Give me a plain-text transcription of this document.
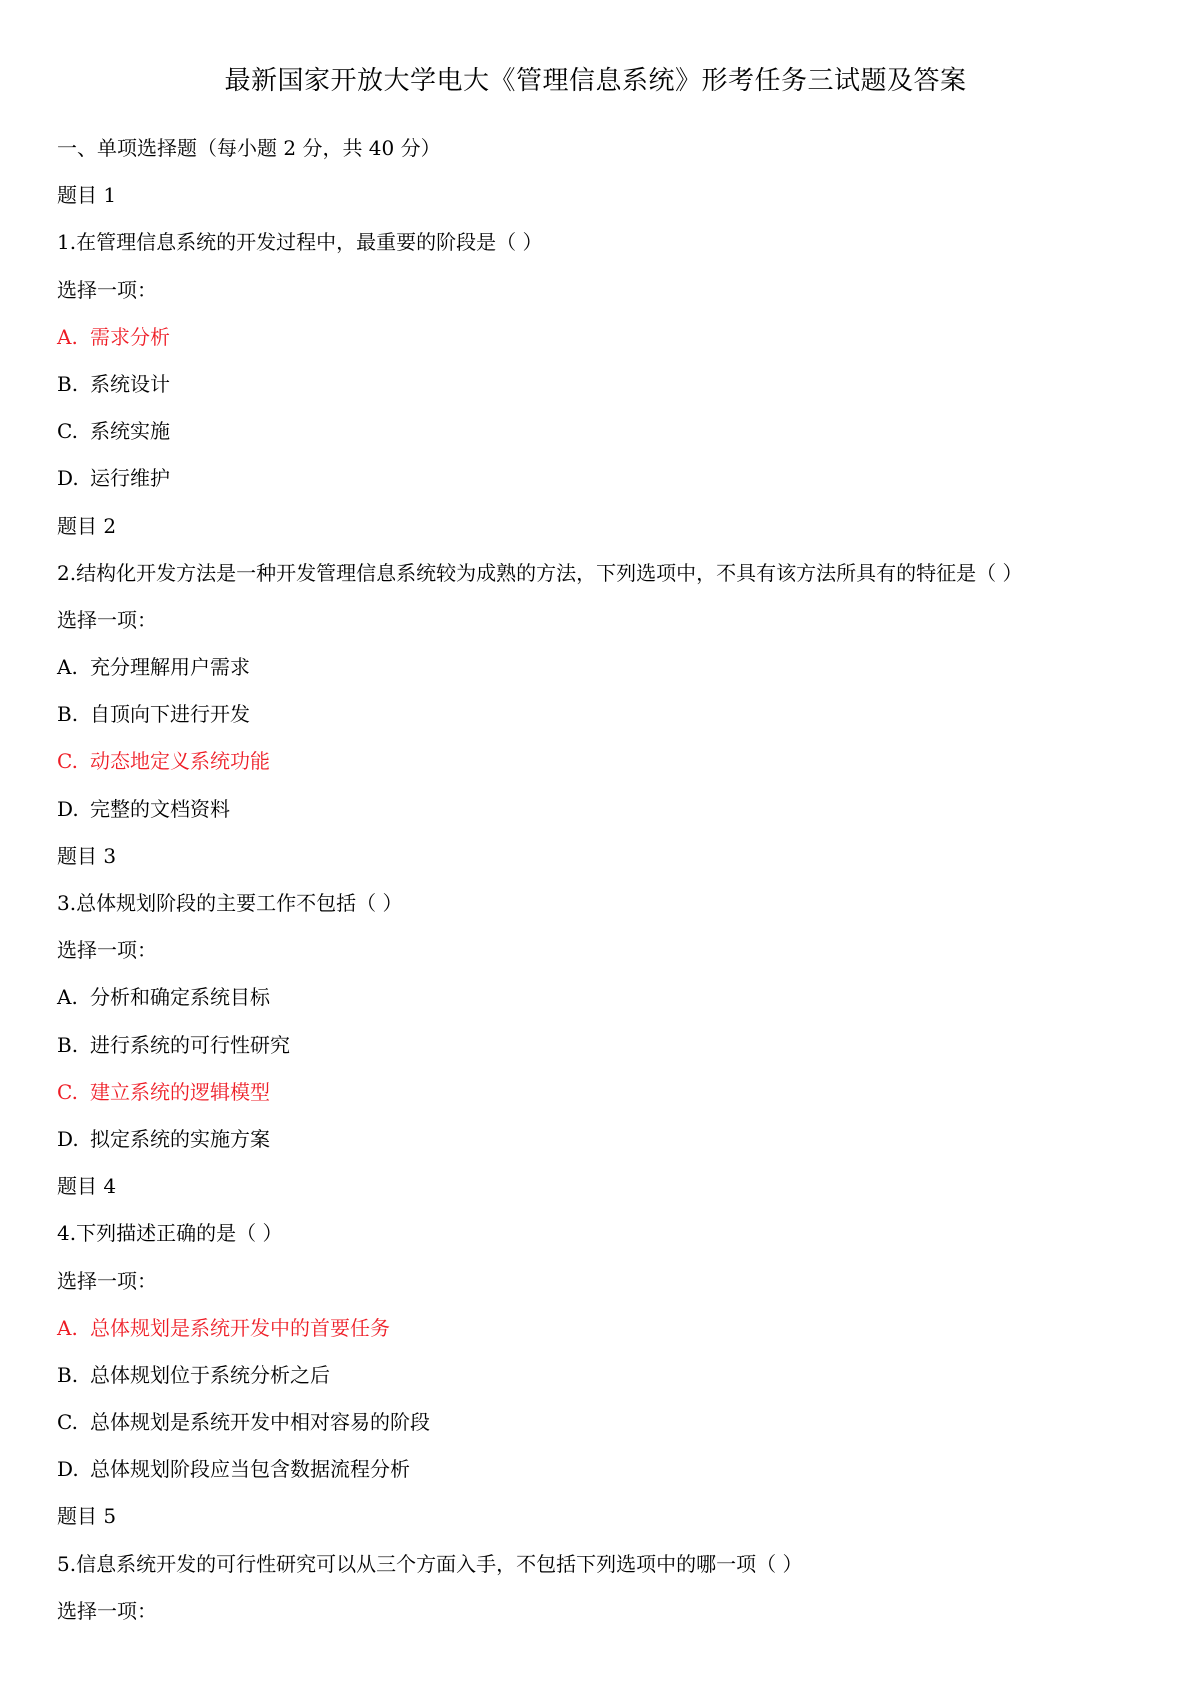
最新国家开放大学电大《管理信息系统》形考任务三试题及答案
一、单项选择题（每小题 2 分，共 40 分）
题目 1
1.在管理信息系统的开发过程中，最重要的阶段是（ ）
选择一项：
A. 需求分析
B. 系统设计
C. 系统实施
D. 运行维护
题目 2
2.结构化开发方法是一种开发管理信息系统较为成熟的方法，下列选项中，不具有该方法所具有的特征是（ ）
选择一项：
A. 充分理解用户需求
B. 自顶向下进行开发
C. 动态地定义系统功能
D. 完整的文档资料
题目 3
3.总体规划阶段的主要工作不包括（ ）
选择一项：
A. 分析和确定系统目标
B. 进行系统的可行性研究
C. 建立系统的逻辑模型
D. 拟定系统的实施方案
题目 4
4.下列描述正确的是（ ）
选择一项：
A. 总体规划是系统开发中的首要任务
B. 总体规划位于系统分析之后
C. 总体规划是系统开发中相对容易的阶段
D. 总体规划阶段应当包含数据流程分析
题目 5
5.信息系统开发的可行性研究可以从三个方面入手，不包括下列选项中的哪一项（ ）
选择一项：
